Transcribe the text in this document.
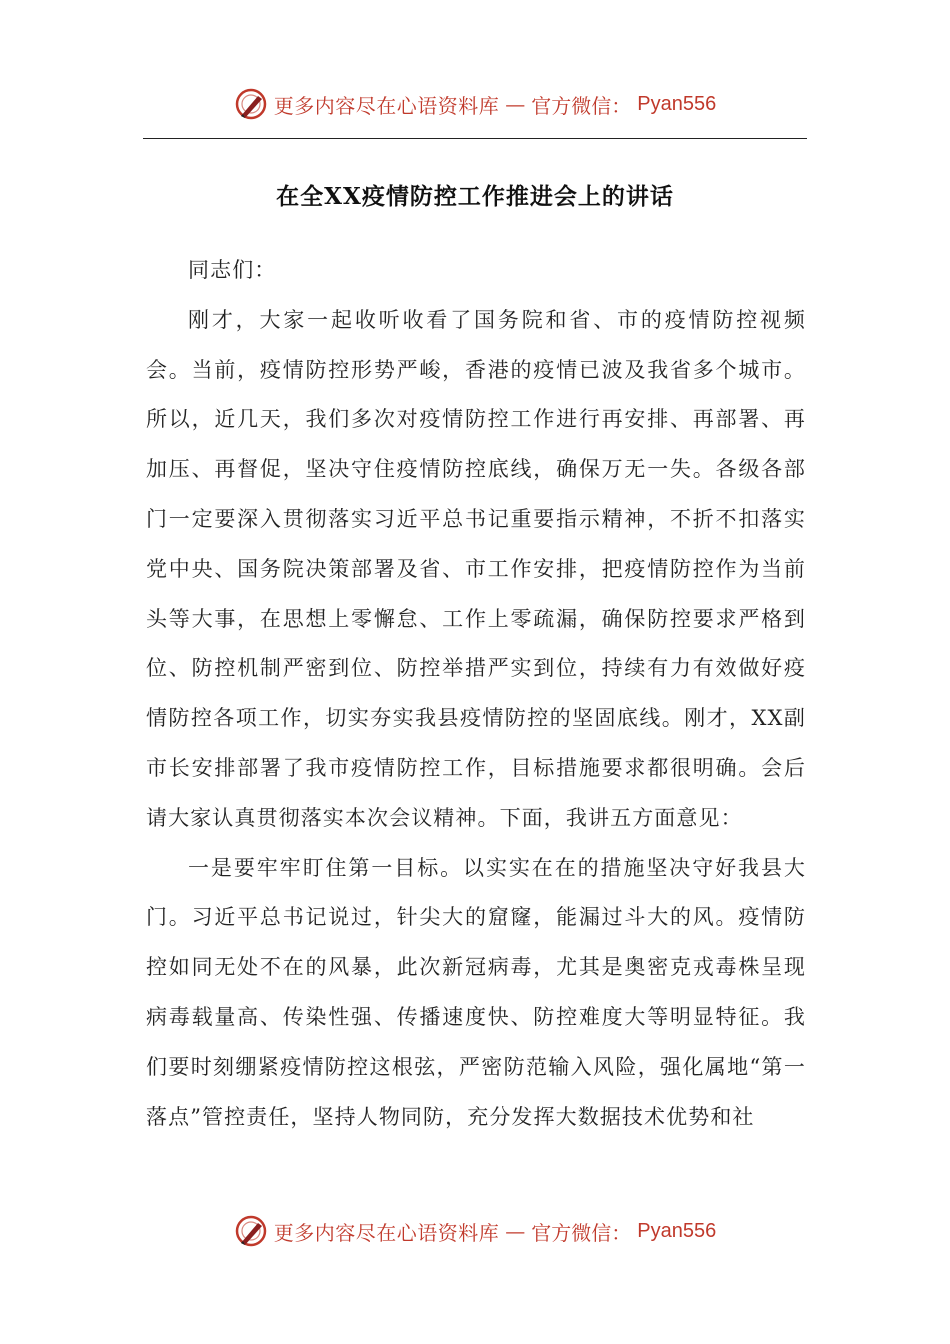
更多内容尽在心语资料库 — 官方微信： Pyan556
在全XX疫情防控工作推进会上的讲话

同志们：

刚才，大家一起收听收看了国务院和省、市的疫情防控视频会。当前，疫情防控形势严峻，香港的疫情已波及我省多个城市。所以，近几天，我们多次对疫情防控工作进行再安排、再部署、再加压、再督促，坚决守住疫情防控底线，确保万无一失。各级各部门一定要深入贯彻落实习近平总书记重要指示精神，不折不扣落实党中央、国务院决策部署及省、市工作安排，把疫情防控作为当前头等大事，在思想上零懈怠、工作上零疏漏，确保防控要求严格到位、防控机制严密到位、防控举措严实到位，持续有力有效做好疫情防控各项工作，切实夯实我县疫情防控的坚固底线。刚才，XX副市长安排部署了我市疫情防控工作，目标措施要求都很明确。会后请大家认真贯彻落实本次会议精神。下面，我讲五方面意见：

一是要牢牢盯住第一目标。以实实在在的措施坚决守好我县大门。习近平总书记说过，针尖大的窟窿，能漏过斗大的风。疫情防控如同无处不在的风暴，此次新冠病毒，尤其是奥密克戎毒株呈现病毒载量高、传染性强、传播速度快、防控难度大等明显特征。我们要时刻绷紧疫情防控这根弦，严密防范输入风险，强化属地“第一落点”管控责任，坚持人物同防，充分发挥大数据技术优势和社

更多内容尽在心语资料库 — 官方微信： Pyan556
